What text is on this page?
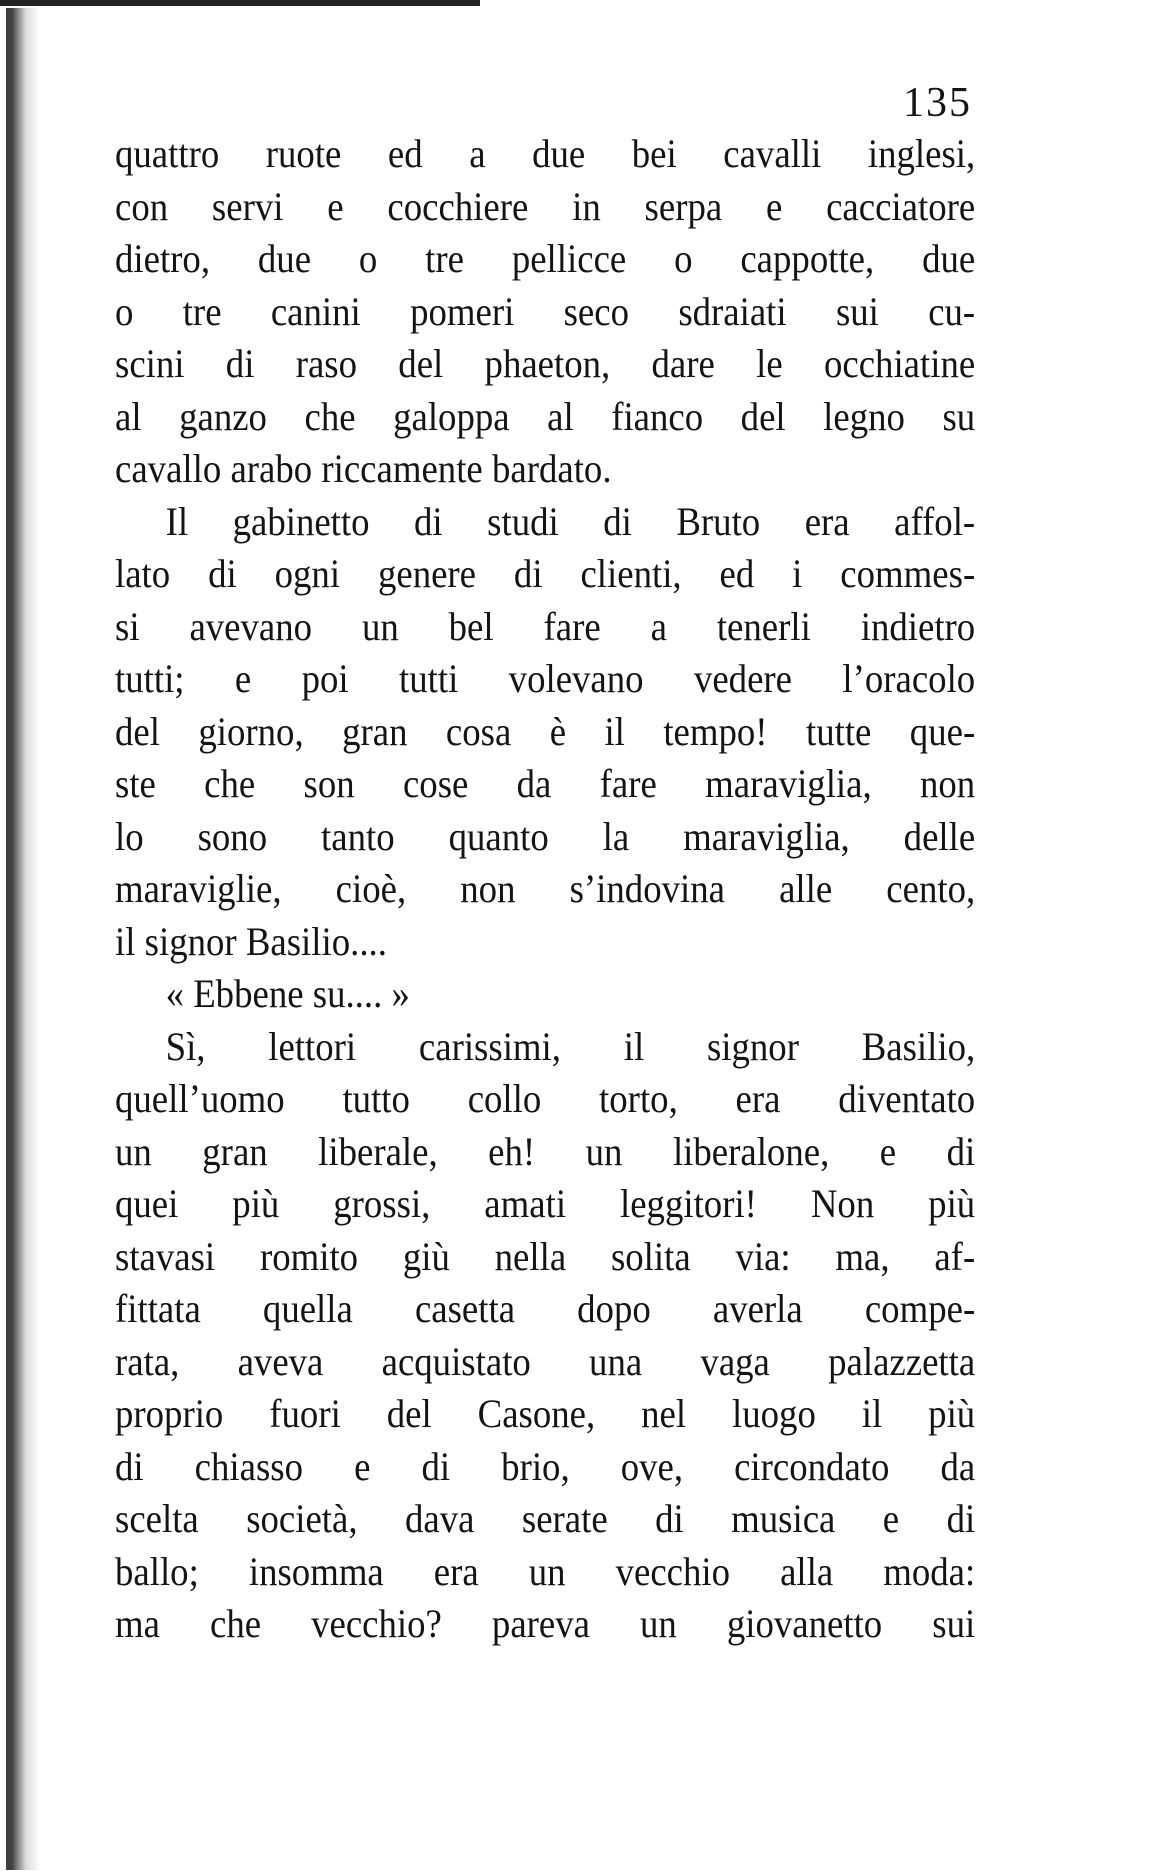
135
quattro ruote ed a due bei cavalli inglesi,
con servi e cocchiere in serpa e cacciatore
dietro, due o tre pellicce o cappotte, due
o tre canini pomeri seco sdraiati sui cu-
scini di raso del phaeton, dare le occhiatine
al ganzo che galoppa al fianco del legno su
cavallo arabo riccamente bardato.
Il gabinetto di studi di Bruto era affol-
lato di ogni genere di clienti, ed i commes-
si avevano un bel fare a tenerli indietro
tutti; e poi tutti volevano vedere l’oracolo
del giorno, gran cosa è il tempo! tutte que-
ste che son cose da fare maraviglia, non
lo sono tanto quanto la maraviglia, delle
maraviglie, cioè, non s’indovina alle cento,
il signor Basilio....
« Ebbene su.... »
Sì, lettori carissimi, il signor Basilio,
quell’uomo tutto collo torto, era diventato
un gran liberale, eh! un liberalone, e di
quei più grossi, amati leggitori! Non più
stavasi romito giù nella solita via: ma, af-
fittata quella casetta dopo averla compe-
rata, aveva acquistato una vaga palazzetta
proprio fuori del Casone, nel luogo il più
di chiasso e di brio, ove, circondato da
scelta società, dava serate di musica e di
ballo; insomma era un vecchio alla moda:
ma che vecchio? pareva un giovanetto sui
